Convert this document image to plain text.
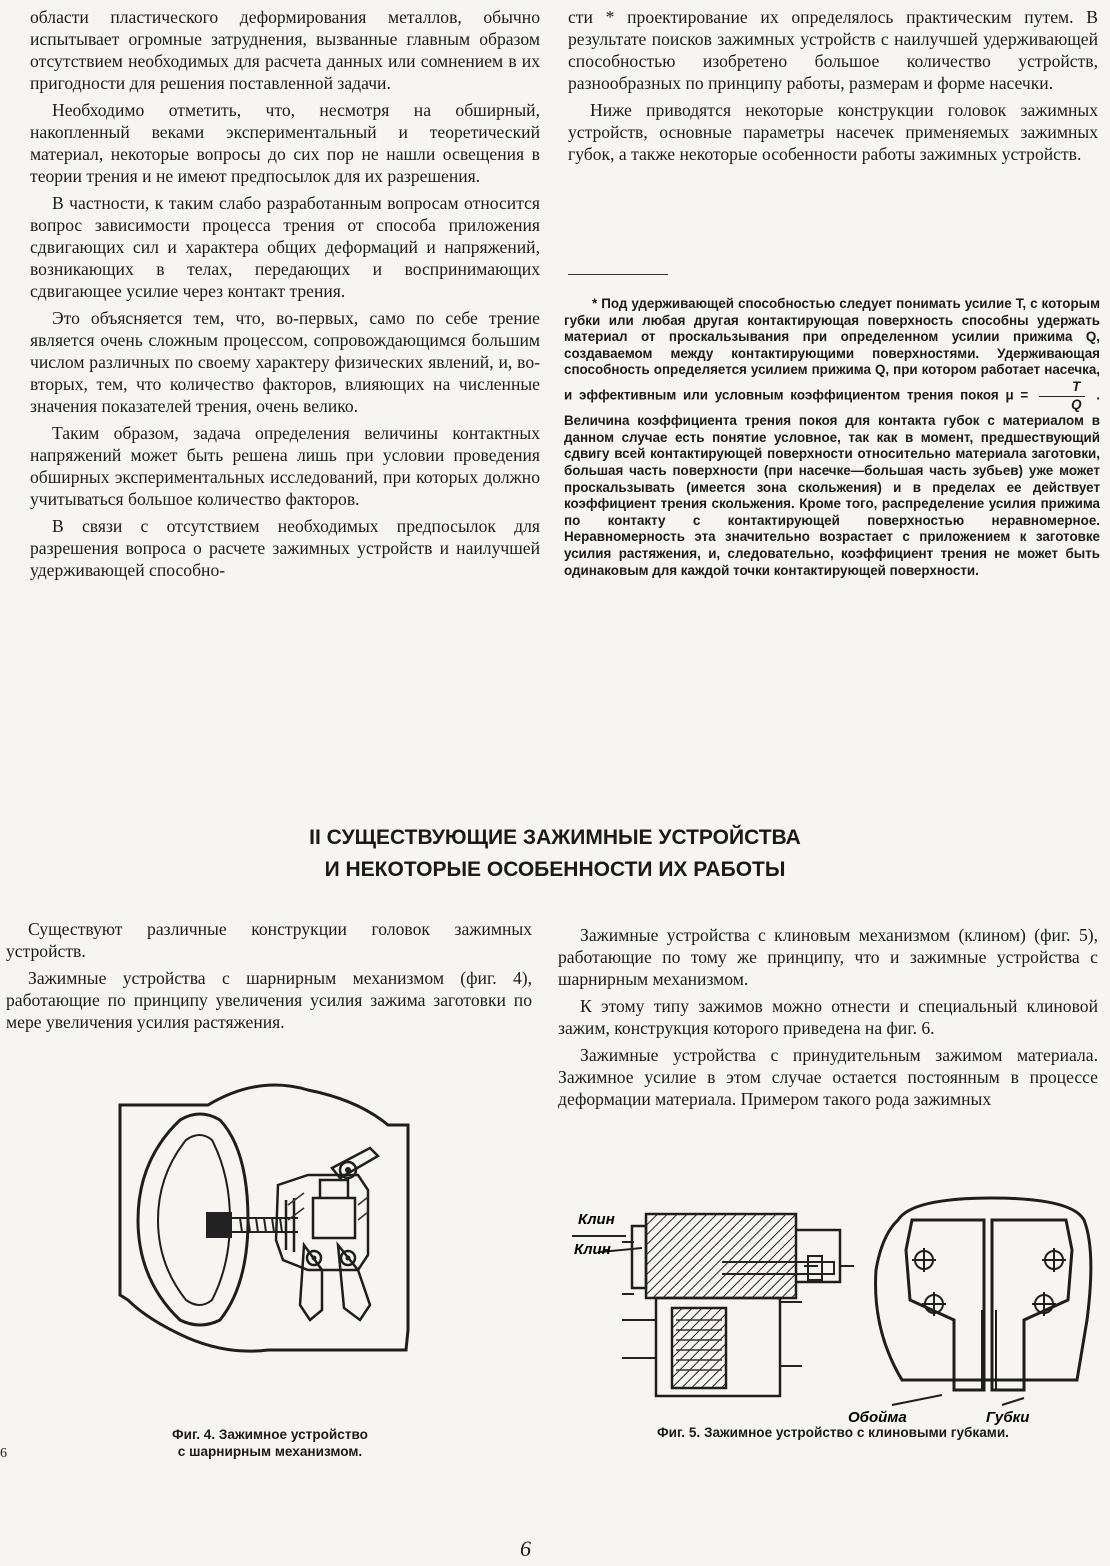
области пластического деформирования металлов, обычно испытывает огромные затруднения, вызванные главным образом отсутствием необходимых для расчета данных или сомнением в их пригодности для решения поставленной задачи.

Необходимо отметить, что, несмотря на обширный, накопленный веками экспериментальный и теоретический материал, некоторые вопросы до сих пор не нашли освещения в теории трения и не имеют предпосылок для их разрешения.

В частности, к таким слабо разработанным вопросам относится вопрос зависимости процесса трения от способа приложения сдвигающих сил и характера общих деформаций и напряжений, возникающих в телах, передающих и воспринимающих сдвигающее усилие через контакт трения.

Это объясняется тем, что, во-первых, само по себе трение является очень сложным процессом, сопровождающимся большим числом различных по своему характеру физических явлений, и, во-вторых, тем, что количество факторов, влияющих на численные значения показателей трения, очень велико.

Таким образом, задача определения величины контактных напряжений может быть решена лишь при условии проведения обширных экспериментальных исследований, при которых должно учитываться большое количество факторов.

В связи с отсутствием необходимых предпосылок для разрешения вопроса о расчете зажимных устройств и наилучшей удерживающей способно-

сти * проектирование их определялось практическим путем. В результате поисков зажимных устройств с наилучшей удерживающей способностью изобретено большое количество устройств, разнообразных по принципу работы, размерам и форме насечки.

Ниже приводятся некоторые конструкции головок зажимных устройств, основные параметры насечек применяемых зажимных губок, а также некоторые особенности работы зажимных устройств.

* Под удерживающей способностью следует понимать усилие T, с которым губки или любая другая контактирующая поверхность способны удержать материал от проскальзывания при определенном усилии прижима Q, создаваемом между контактирующими поверхностями. Удерживающая способность определяется усилием прижима Q, при котором работает насечка, и эффективным или условным коэффициентом трения покоя $\mu = \frac{T}{Q}$ . Величина коэффициента трения покоя для контакта губок с материалом в данном случае есть понятие условное, так как в момент, предшествующий сдвигу всей контактирующей поверхности относительно материала заготовки, большая часть поверхности (при насечке—большая часть зубьев) уже может проскальзывать (имеется зона скольжения) и в пределах ее действует коэффициент трения скольжения. Кроме того, распределение усилия прижима по контакту с контактирующей поверхностью неравномерное. Неравномерность эта значительно возрастает с приложением к заготовке усилия растяжения, и, следовательно, коэффициент трения не может быть одинаковым для каждой точки контактирующей поверхности.

II СУЩЕСТВУЮЩИЕ ЗАЖИМНЫЕ УСТРОЙСТВА
И НЕКОТОРЫЕ ОСОБЕННОСТИ ИХ РАБОТЫ

Существуют различные конструкции головок зажимных устройств.

Зажимные устройства с шарнирным механизмом (фиг. 4), работающие по принципу увеличения усилия зажима заготовки по мере увеличения усилия растяжения.

Зажимные устройства с клиновым механизмом (клином) (фиг. 5), работающие по тому же принципу, что и зажимные устройства с шарнирным механизмом.

К этому типу зажимов можно отнести и специальный клиновой зажим, конструкция которого приведена на фиг. 6.

Зажимные устройства с принудительным зажимом материала. Зажимное усилие в этом случае остается постоянным в процессе деформации материала. Примером такого рода зажимных

Клин
Клин
Обойма	Губки
Фиг. 4. Зажимное устройство
с шарнирным механизмом.
Фиг. 5. Зажимное устройство с клиновыми губками.
6
6
